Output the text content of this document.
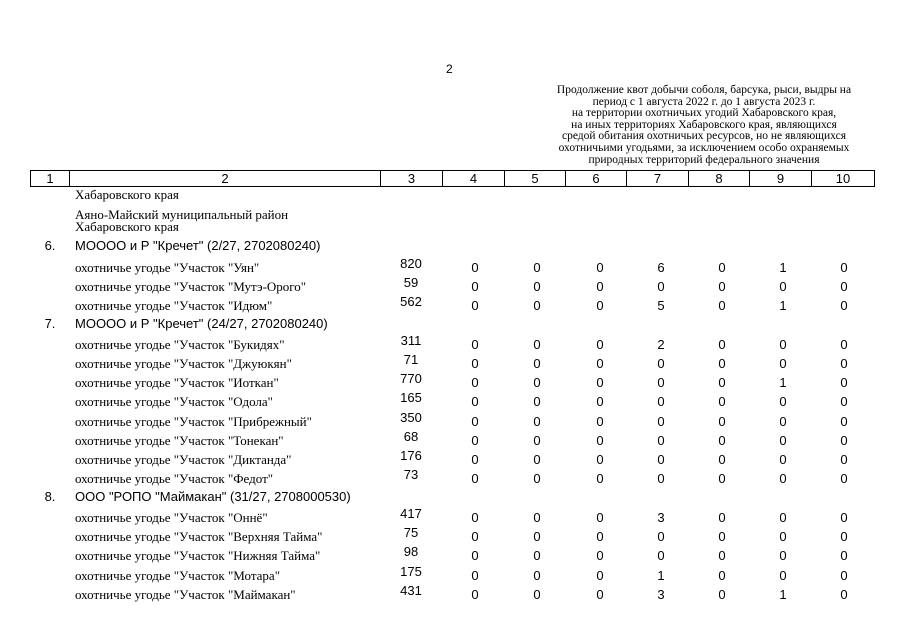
2
Продолжение квот добычи соболя, барсука, рыси, выдры на
период с 1 августа 2022 г. до 1 августа 2023 г.
на территории охотничьих угодий Хабаровского края,
на иных территориях Хабаровского края, являющихся
средой обитания охотничьих ресурсов, но не являющихся
охотничьими угодьями, за исключением особо охраняемых
природных территорий федерального значения
1	2	3	4	5	6	7	8	9	10
Хабаровского края
Аяно-Майский муниципальный район
Хабаровского края
6.	МОООО и Р "Кречет" (2/27, 2702080240)
охотничье угодье "Участок "Уян"	820	0	0	0	6	0	1	0
охотничье угодье "Участок "Мутэ-Орого"	59	0	0	0	0	0	0	0
охотничье угодье "Участок "Идюм"	562	0	0	0	5	0	1	0
7.	МОООО и Р "Кречет" (24/27, 2702080240)
охотничье угодье "Участок "Букидях"	311	0	0	0	2	0	0	0
охотничье угодье "Участок "Джуюкян"	71	0	0	0	0	0	0	0
охотничье угодье "Участок "Иоткан"	770	0	0	0	0	0	1	0
охотничье угодье "Участок "Одола"	165	0	0	0	0	0	0	0
охотничье угодье "Участок "Прибрежный"	350	0	0	0	0	0	0	0
охотничье угодье "Участок "Тонекан"	68	0	0	0	0	0	0	0
охотничье угодье "Участок "Диктанда"	176	0	0	0	0	0	0	0
охотничье угодье "Участок "Федот"	73	0	0	0	0	0	0	0
8.	ООО "РОПО "Маймакан" (31/27, 2708000530)
охотничье угодье "Участок "Оннё"	417	0	0	0	3	0	0	0
охотничье угодье "Участок "Верхняя Тайма"	75	0	0	0	0	0	0	0
охотничье угодье "Участок "Нижняя Тайма"	98	0	0	0	0	0	0	0
охотничье угодье "Участок "Мотара"	175	0	0	0	1	0	0	0
охотничье угодье "Участок "Маймакан"	431	0	0	0	3	0	1	0
